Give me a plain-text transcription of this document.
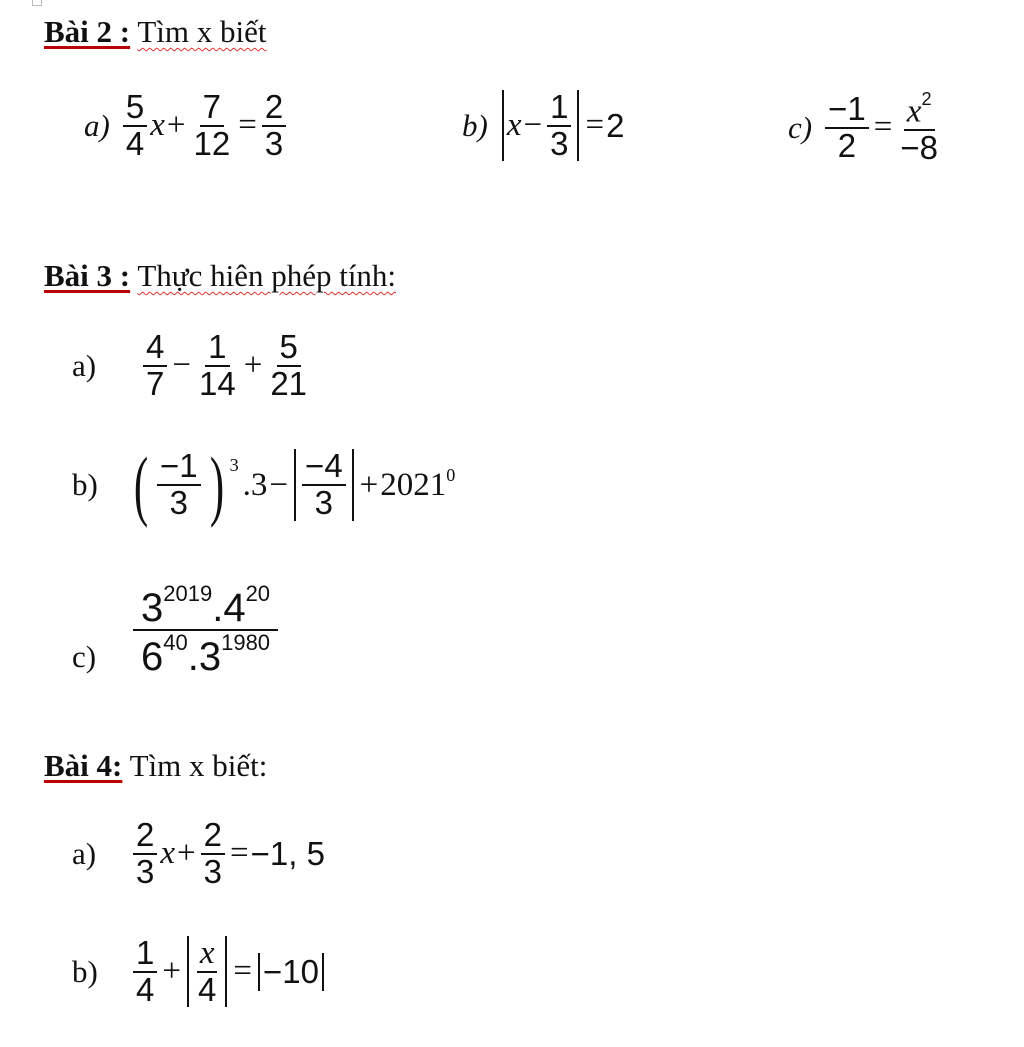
Bài 2 : Tìm x biết
$a) \frac{5}{4}$ $x + \frac{7}{12} = \frac{2}{3}$	b) $x - \frac{1}{3} = 2$	$c) \frac{-1}{2} = \frac{x^2}{-8}$
Bài 3 : Thực hiên phép tính:
a)	$\frac{4}{7} - \frac{1}{14} + \frac{5}{21}$
b) ( $\frac{-1}{3}$ ) $^3$
$.3 - \frac{-4}{3} + 2021^0$
$c) \frac{3^{2019}.4^{20}}{6^{40}.3^{1980}}$
Bài 4: Tìm x biết:
a)	$\frac{2}{3}$ $x + \frac{2}{3} = -1$, 5
b)	$\frac{1}{4} + \frac{x}{4} = -10$
